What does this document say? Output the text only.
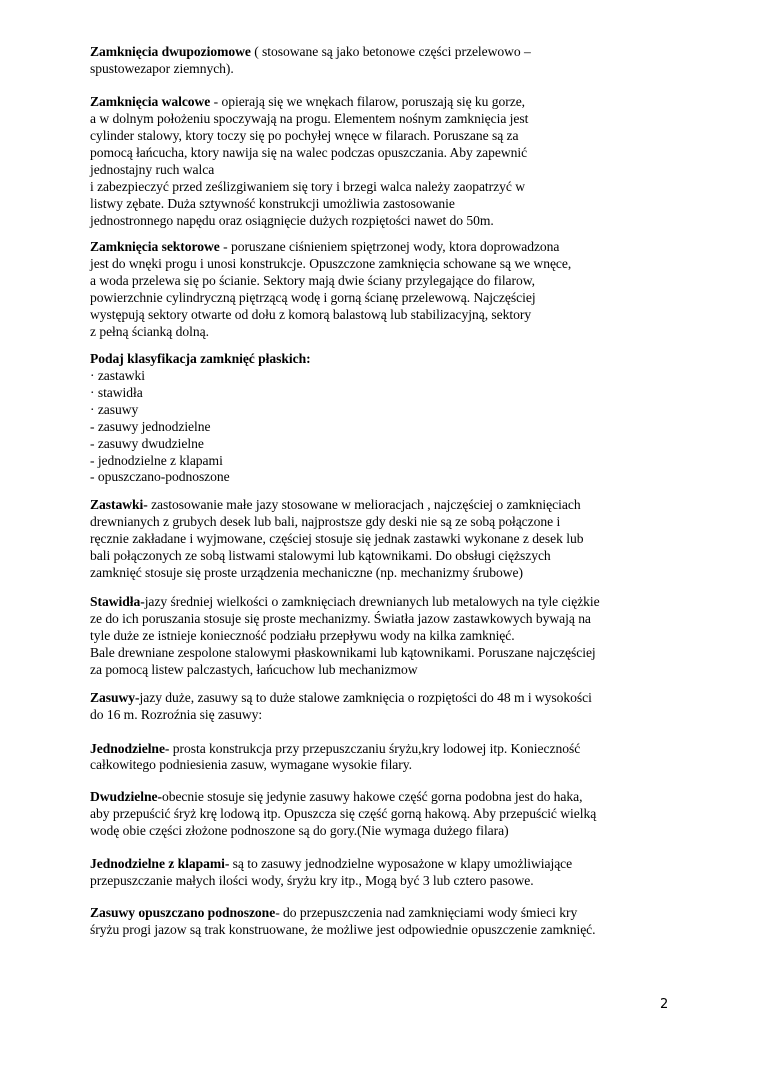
2
Zamknięcia dwupoziomowe ( stosowane są jako betonowe części przelewowo –
spustowezapor ziemnych).
Zamknięcia walcowe - opierają się we wnękach filarow, poruszają się ku gorze,
a w dolnym położeniu spoczywają na progu. Elementem nośnym zamknięcia jest
cylinder stalowy, ktory toczy się po pochyłej wnęce w filarach. Poruszane są za
pomocą łańcucha, ktory nawija się na walec podczas opuszczania. Aby zapewnić
jednostajny ruch walca
i zabezpieczyć przed ześlizgiwaniem się tory i brzegi walca należy zaopatrzyć w
listwy zębate. Duża sztywność konstrukcji umożliwia zastosowanie
jednostronnego napędu oraz osiągnięcie dużych rozpiętości nawet do 50m.
Zamknięcia sektorowe - poruszane ciśnieniem spiętrzonej wody, ktora doprowadzona
jest do wnęki progu i unosi konstrukcje. Opuszczone zamknięcia schowane są we wnęce,
a woda przelewa się po ścianie. Sektory mają dwie ściany przylegające do filarow,
powierzchnie cylindryczną piętrzącą wodę i gorną ścianę przelewową. Najczęściej
występują sektory otwarte od dołu z komorą balastową lub stabilizacyjną, sektory
z pełną ścianką dolną.
Podaj klasyfikacja zamknięć płaskich:
· zastawki
· stawidła
· zasuwy
- zasuwy jednodzielne
- zasuwy dwudzielne
- jednodzielne z klapami
- opuszczano-podnoszone
Zastawki- zastosowanie małe jazy stosowane w melioracjach , najczęściej o zamknięciach
drewnianych z grubych desek lub bali, najprostsze gdy deski nie są ze sobą połączone i
ręcznie zakładane i wyjmowane, częściej stosuje się jednak zastawki wykonane z desek lub
bali połączonych ze sobą listwami stalowymi lub kątownikami. Do obsługi cięższych
zamknięć stosuje się proste urządzenia mechaniczne (np. mechanizmy śrubowe)
Stawidła-jazy średniej wielkości o zamknięciach drewnianych lub metalowych na tyle ciężkie
ze do ich poruszania stosuje się proste mechanizmy. Światła jazow zastawkowych bywają na
tyle duże ze istnieje konieczność podziału przepływu wody na kilka zamknięć.
Bale drewniane zespolone stalowymi płaskownikami lub kątownikami. Poruszane najczęściej
za pomocą listew palczastych, łańcuchow lub mechanizmow
Zasuwy-jazy duże, zasuwy są to duże stalowe zamknięcia o rozpiętości do 48 m i wysokości
do 16 m. Rozroźnia się zasuwy:
Jednodzielne- prosta konstrukcja przy przepuszczaniu śryżu,kry lodowej itp. Konieczność
całkowitego podniesienia zasuw, wymagane wysokie filary.
Dwudzielne-obecnie stosuje się jedynie zasuwy hakowe część gorna podobna jest do haka,
aby przepuścić śryż krę lodową itp. Opuszcza się część gorną hakową. Aby przepuścić wielką
wodę obie części złożone podnoszone są do gory.(Nie wymaga dużego filara)
Jednodzielne z klapami- są to zasuwy jednodzielne wyposażone w klapy umożliwiające
przepuszczanie małych ilości wody, śryżu kry itp., Mogą być 3 lub cztero pasowe.
Zasuwy opuszczano podnoszone- do przepuszczenia nad zamknięciami wody śmieci kry
śryżu progi jazow są trak konstruowane, że możliwe jest odpowiednie opuszczenie zamknięć.
